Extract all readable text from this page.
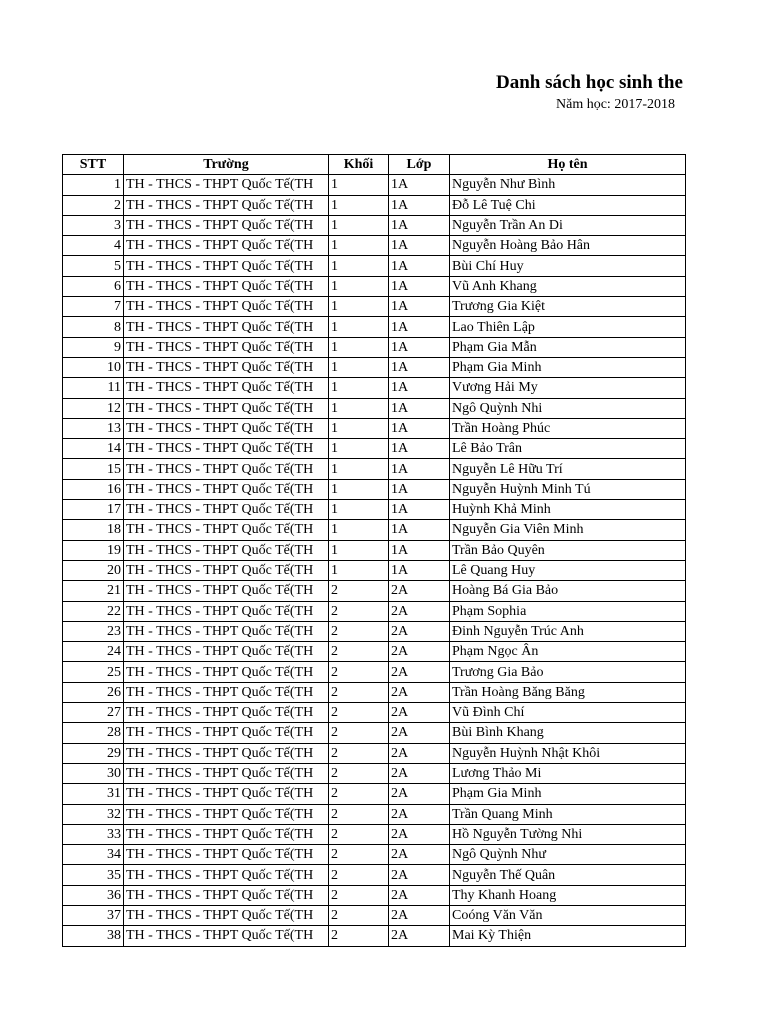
Danh sách học sinh the
Năm học: 2017-2018
STT	Trường	Khối	Lớp	Họ tên
1	TH - THCS - THPT Quốc Tế(TH	1	1A	Nguyễn Như Bình
2	TH - THCS - THPT Quốc Tế(TH	1	1A	Đỗ Lê Tuệ Chi
3	TH - THCS - THPT Quốc Tế(TH	1	1A	Nguyễn Trần An Di
4	TH - THCS - THPT Quốc Tế(TH	1	1A	Nguyễn Hoàng Bảo Hân
5	TH - THCS - THPT Quốc Tế(TH	1	1A	Bùi Chí Huy
6	TH - THCS - THPT Quốc Tế(TH	1	1A	Vũ Anh Khang
7	TH - THCS - THPT Quốc Tế(TH	1	1A	Trương Gia Kiệt
8	TH - THCS - THPT Quốc Tế(TH	1	1A	Lao Thiên Lập
9	TH - THCS - THPT Quốc Tế(TH	1	1A	Phạm Gia Mẫn
10	TH - THCS - THPT Quốc Tế(TH	1	1A	Phạm Gia Minh
11	TH - THCS - THPT Quốc Tế(TH	1	1A	Vương Hải My
12	TH - THCS - THPT Quốc Tế(TH	1	1A	Ngô Quỳnh Nhi
13	TH - THCS - THPT Quốc Tế(TH	1	1A	Trần Hoàng Phúc
14	TH - THCS - THPT Quốc Tế(TH	1	1A	Lê Bảo Trân
15	TH - THCS - THPT Quốc Tế(TH	1	1A	Nguyễn Lê Hữu Trí
16	TH - THCS - THPT Quốc Tế(TH	1	1A	Nguyễn Huỳnh Minh Tú
17	TH - THCS - THPT Quốc Tế(TH	1	1A	Huỳnh Khả Minh
18	TH - THCS - THPT Quốc Tế(TH	1	1A	Nguyễn Gia Viên Minh
19	TH - THCS - THPT Quốc Tế(TH	1	1A	Trần Bảo Quyên
20	TH - THCS - THPT Quốc Tế(TH	1	1A	Lê Quang Huy
21	TH - THCS - THPT Quốc Tế(TH	2	2A	Hoàng Bá Gia Bảo
22	TH - THCS - THPT Quốc Tế(TH	2	2A	Phạm Sophia
23	TH - THCS - THPT Quốc Tế(TH	2	2A	Đinh Nguyễn Trúc Anh
24	TH - THCS - THPT Quốc Tế(TH	2	2A	Phạm Ngọc Ân
25	TH - THCS - THPT Quốc Tế(TH	2	2A	Trương Gia Bảo
26	TH - THCS - THPT Quốc Tế(TH	2	2A	Trần Hoàng Băng Băng
27	TH - THCS - THPT Quốc Tế(TH	2	2A	Vũ Đình Chí
28	TH - THCS - THPT Quốc Tế(TH	2	2A	Bùi Bình Khang
29	TH - THCS - THPT Quốc Tế(TH	2	2A	Nguyễn Huỳnh Nhật Khôi
30	TH - THCS - THPT Quốc Tế(TH	2	2A	Lương Thảo Mi
31	TH - THCS - THPT Quốc Tế(TH	2	2A	Phạm Gia Minh
32	TH - THCS - THPT Quốc Tế(TH	2	2A	Trần Quang Minh
33	TH - THCS - THPT Quốc Tế(TH	2	2A	Hồ Nguyễn Tường Nhi
34	TH - THCS - THPT Quốc Tế(TH	2	2A	Ngô Quỳnh Như
35	TH - THCS - THPT Quốc Tế(TH	2	2A	Nguyễn Thế Quân
36	TH - THCS - THPT Quốc Tế(TH	2	2A	Thy Khanh Hoang
37	TH - THCS - THPT Quốc Tế(TH	2	2A	Coóng Văn Văn
38	TH - THCS - THPT Quốc Tế(TH	2	2A	Mai Kỳ Thiện
